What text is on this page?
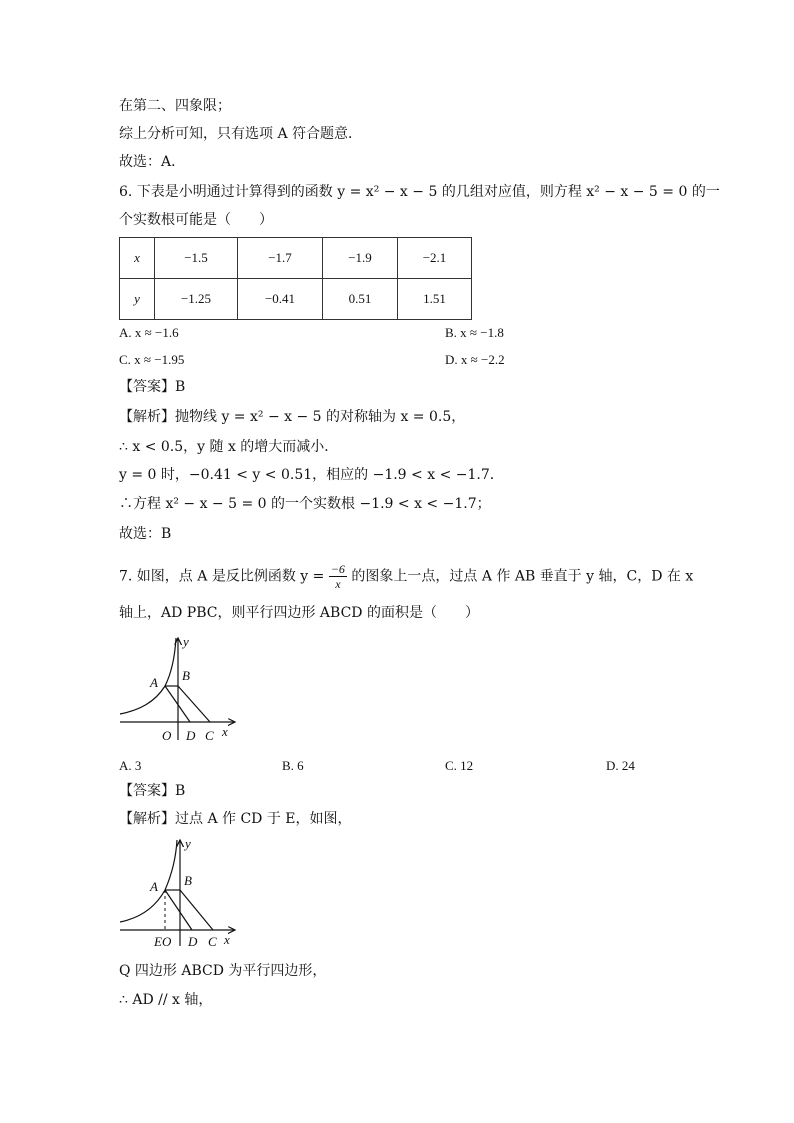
在第二、四象限；
综上分析可知，只有选项 A 符合题意．
故选：A．
6. 下表是小明通过计算得到的函数 y = x² − x − 5 的几组对应值，则方程 x² − x − 5 = 0 的一
个实数根可能是（　　）
x	−1.5	−1.7	−1.9	−2.1
y	−1.25	−0.41	0.51	1.51
A. x ≈ −1.6	B. x ≈ −1.8
C. x ≈ −1.95	D. x ≈ −2.2
【答案】B
【解析】抛物线 y = x² − x − 5 的对称轴为 x = 0.5，
∴ x < 0.5，y 随 x 的增大而减小．
y = 0 时，−0.41 < y < 0.51，相应的 −1.9 < x < −1.7．
∴方程 x² − x − 5 = 0 的一个实数根 −1.9 < x < −1.7；
故选：B
7. 如图，点 A 是反比例函数 $y = \frac{-6}{x}$ 的图象上一点，过点 A 作 AB 垂直于 y 轴，C，D 在 x
轴上，AD PBC，则平行四边形 ABCD 的面积是（　　）
A B
O D C x
y
A. 3	B. 6	C. 12	D. 24
【答案】B
【解析】过点 A 作 CD 于 E，如图，
A B
EO D C x
y
Q 四边形 ABCD 为平行四边形，
∴ AD // x 轴，
